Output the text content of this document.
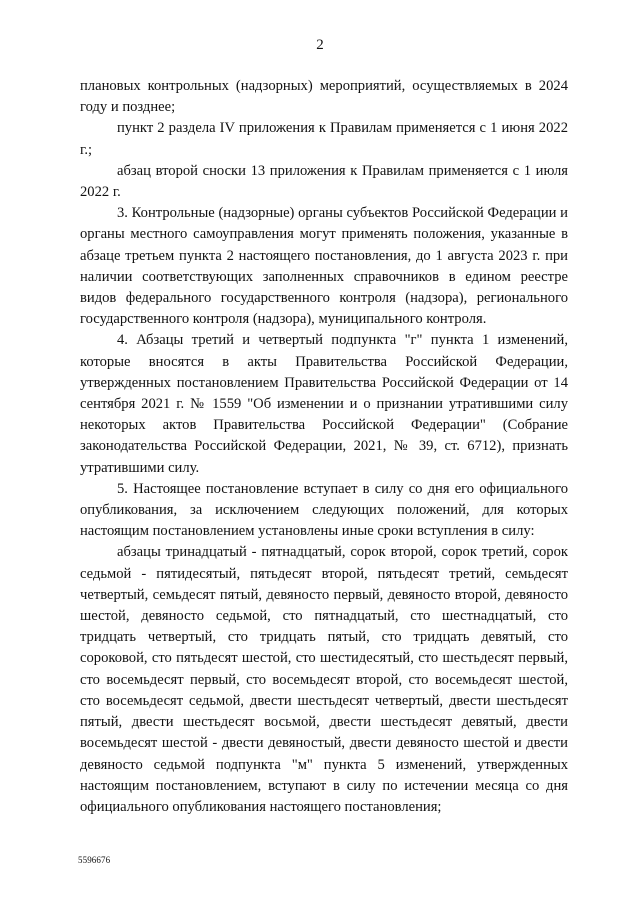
2

плановых контрольных (надзорных) мероприятий, осуществляемых в 2024 году и позднее;

пункт 2 раздела IV приложения к Правилам применяется с 1 июня 2022 г.;

абзац второй сноски 13 приложения к Правилам применяется с 1 июля 2022 г.

3. Контрольные (надзорные) органы субъектов Российской Федерации и органы местного самоуправления могут применять положения, указанные в абзаце третьем пункта 2 настоящего постановления, до 1 августа 2023 г. при наличии соответствующих заполненных справочников в едином реестре видов федерального государственного контроля (надзора), регионального государственного контроля (надзора), муниципального контроля.

4. Абзацы третий и четвертый подпункта "г" пункта 1 изменений, которые вносятся в акты Правительства Российской Федерации, утвержденных постановлением Правительства Российской Федерации от 14 сентября 2021 г. № 1559 "Об изменении и о признании утратившими силу некоторых актов Правительства Российской Федерации" (Собрание законодательства Российской Федерации, 2021, № 39, ст. 6712), признать утратившими силу.

5. Настоящее постановление вступает в силу со дня его официального опубликования, за исключением следующих положений, для которых настоящим постановлением установлены иные сроки вступления в силу:

абзацы тринадцатый - пятнадцатый, сорок второй, сорок третий, сорок седьмой - пятидесятый, пятьдесят второй, пятьдесят третий, семьдесят четвертый, семьдесят пятый, девяносто первый, девяносто второй, девяносто шестой, девяносто седьмой, сто пятнадцатый, сто шестнадцатый, сто тридцать четвертый, сто тридцать пятый, сто тридцать девятый, сто сороковой, сто пятьдесят шестой, сто шестидесятый, сто шестьдесят первый, сто восемьдесят первый, сто восемьдесят второй, сто восемьдесят шестой, сто восемьдесят седьмой, двести шестьдесят четвертый, двести шестьдесят пятый, двести шестьдесят восьмой, двести шестьдесят девятый, двести восемьдесят шестой - двести девяностый, двести девяносто шестой и двести девяносто седьмой подпункта "м" пункта 5 изменений, утвержденных настоящим постановлением, вступают в силу по истечении месяца со дня официального опубликования настоящего постановления;

5596676
